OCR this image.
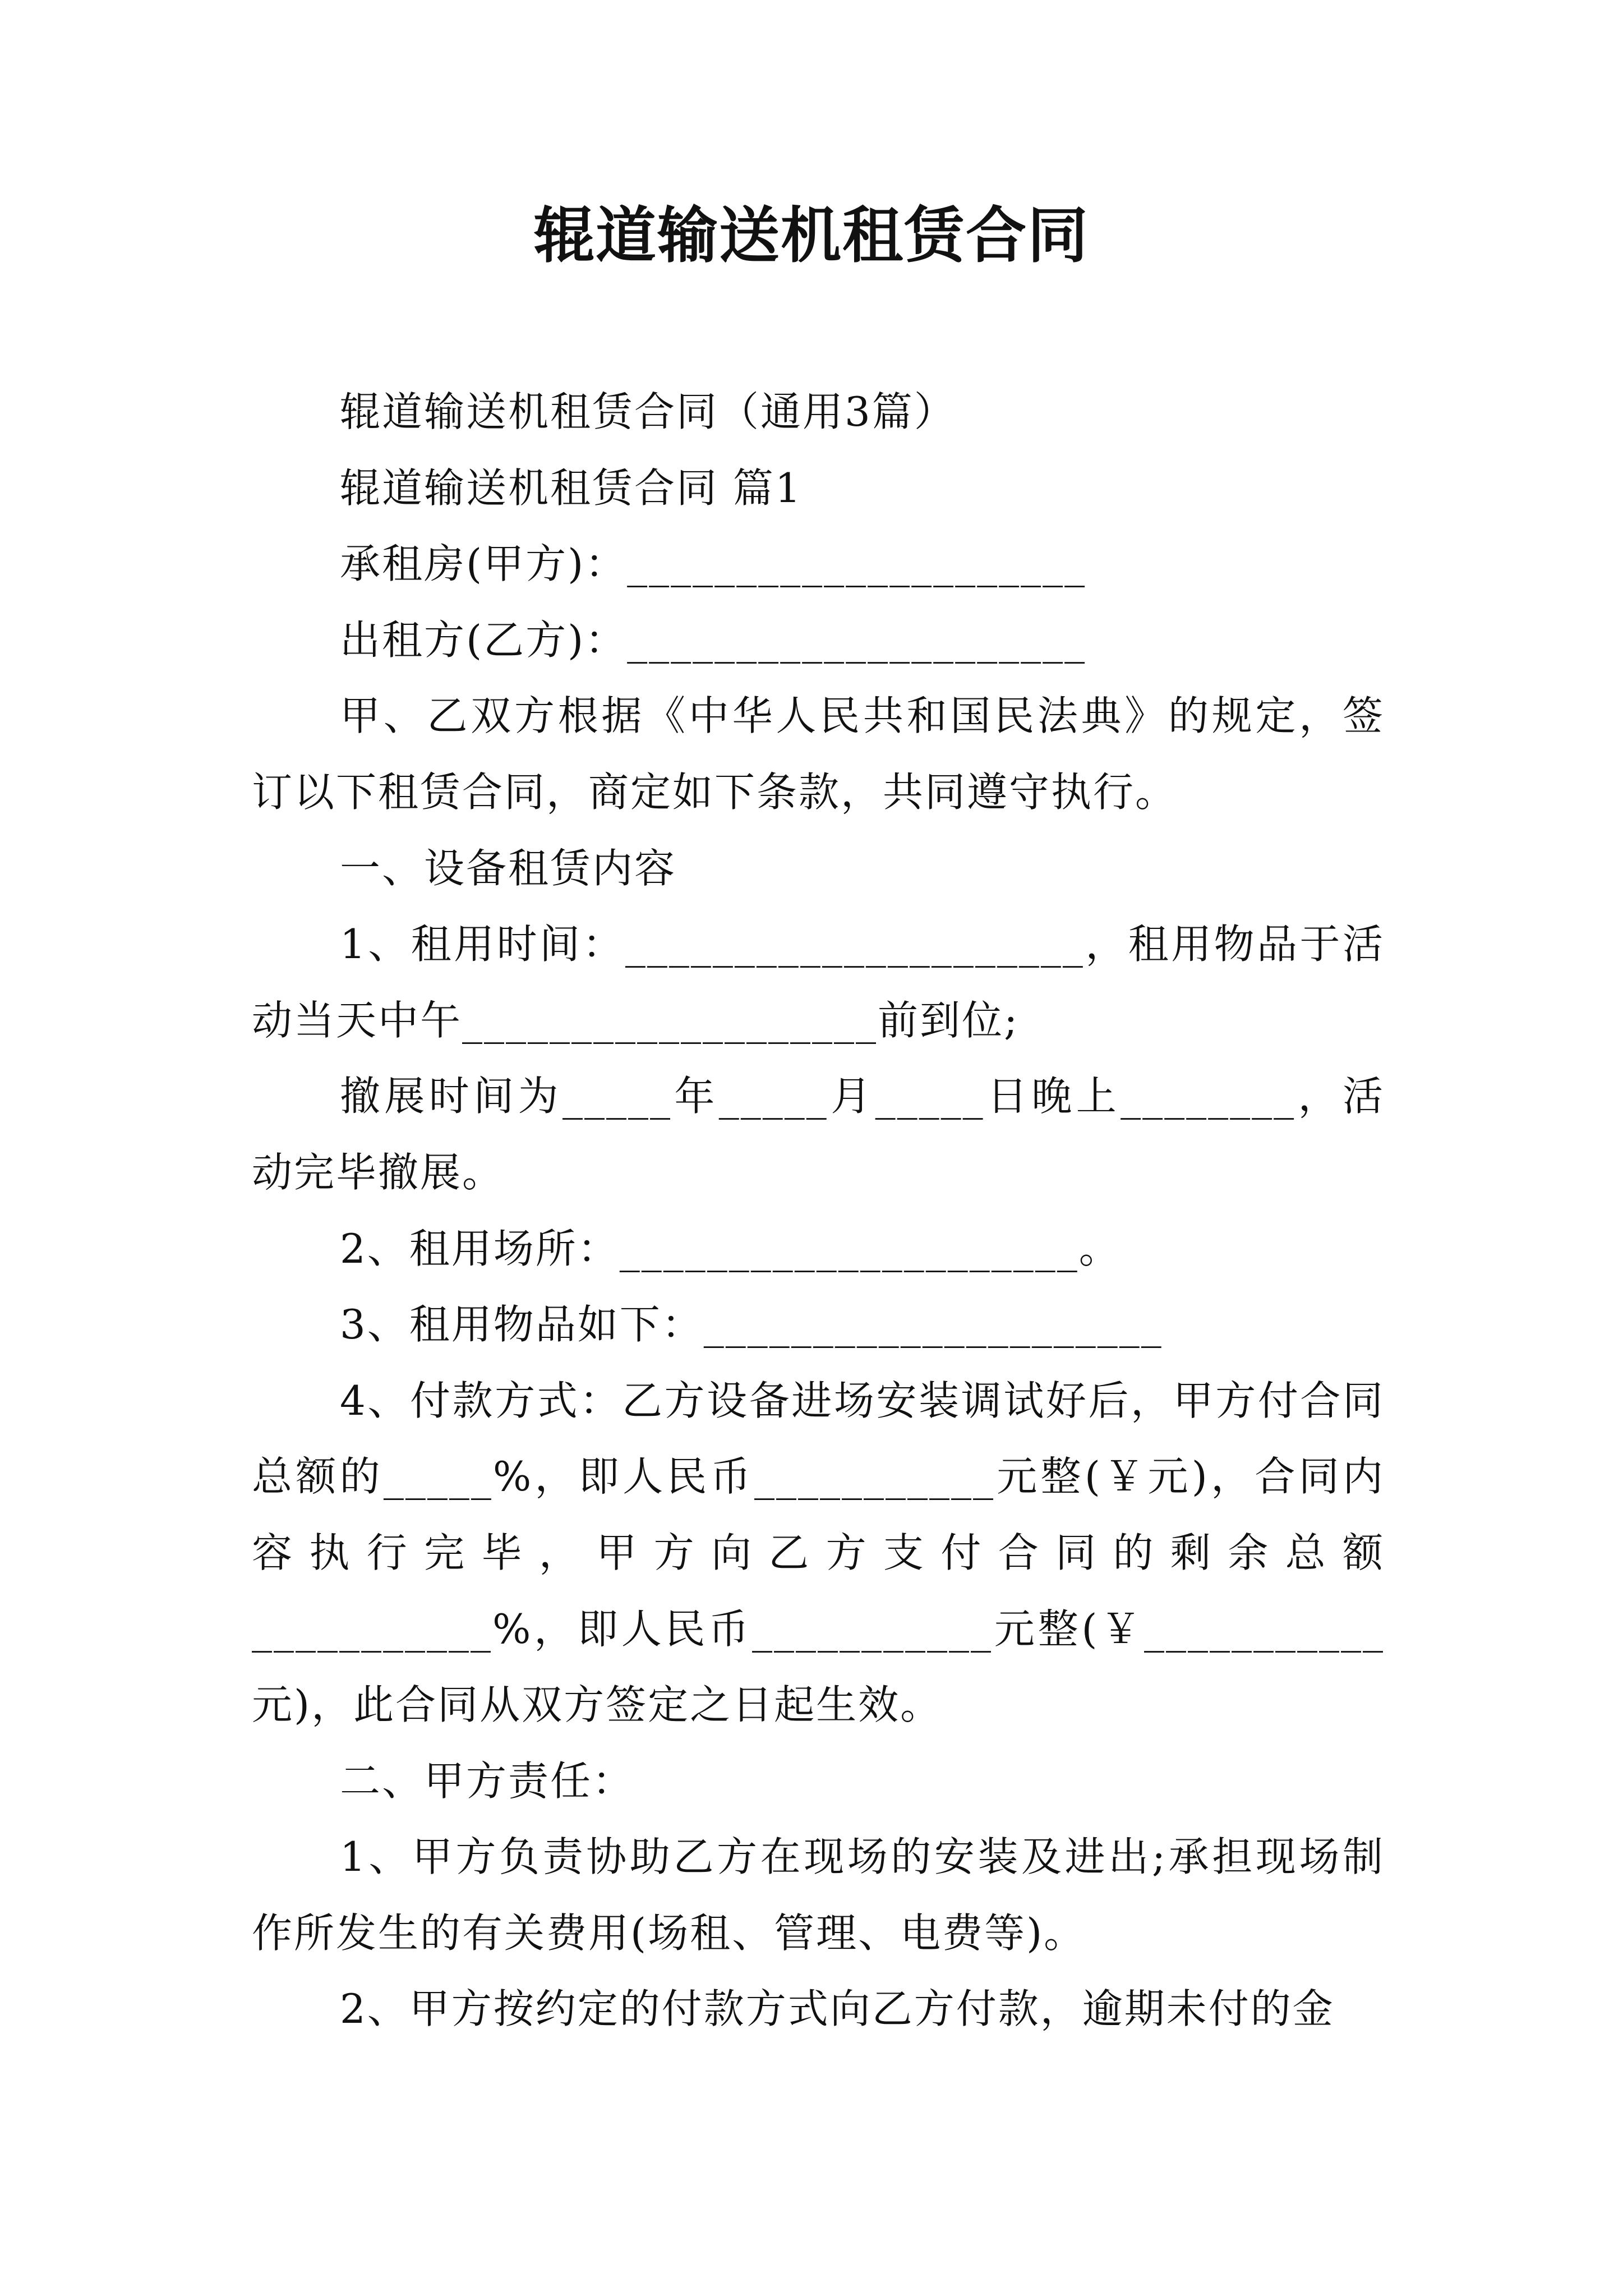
辊道输送机租赁合同

辊道输送机租赁合同（通用3篇）

辊道输送机租赁合同 篇1

承租房(甲方)：_____________________

出租方(乙方)：_____________________

甲、乙双方根据《中华人民共和国民法典》的规定，签订以下租赁合同，商定如下条款，共同遵守执行。

一、设备租赁内容

1、租用时间：_____________________，租用物品于活动当天中午___________________前到位;

撤展时间为_____年_____月_____日晚上________，活动完毕撤展。

2、租用场所：_____________________。

3、租用物品如下：_____________________

4、付款方式：乙方设备进场安装调试好后，甲方付合同总额的_____%，即人民币___________元整(￥元)，合同内容执行完毕，甲方向乙方支付合同的剩余总额___________%，即人民币___________元整(￥___________元)，此合同从双方签定之日起生效。

二、甲方责任：

1、甲方负责协助乙方在现场的安装及进出;承担现场制作所发生的有关费用(场租、管理、电费等)。

2、甲方按约定的付款方式向乙方付款，逾期未付的金
